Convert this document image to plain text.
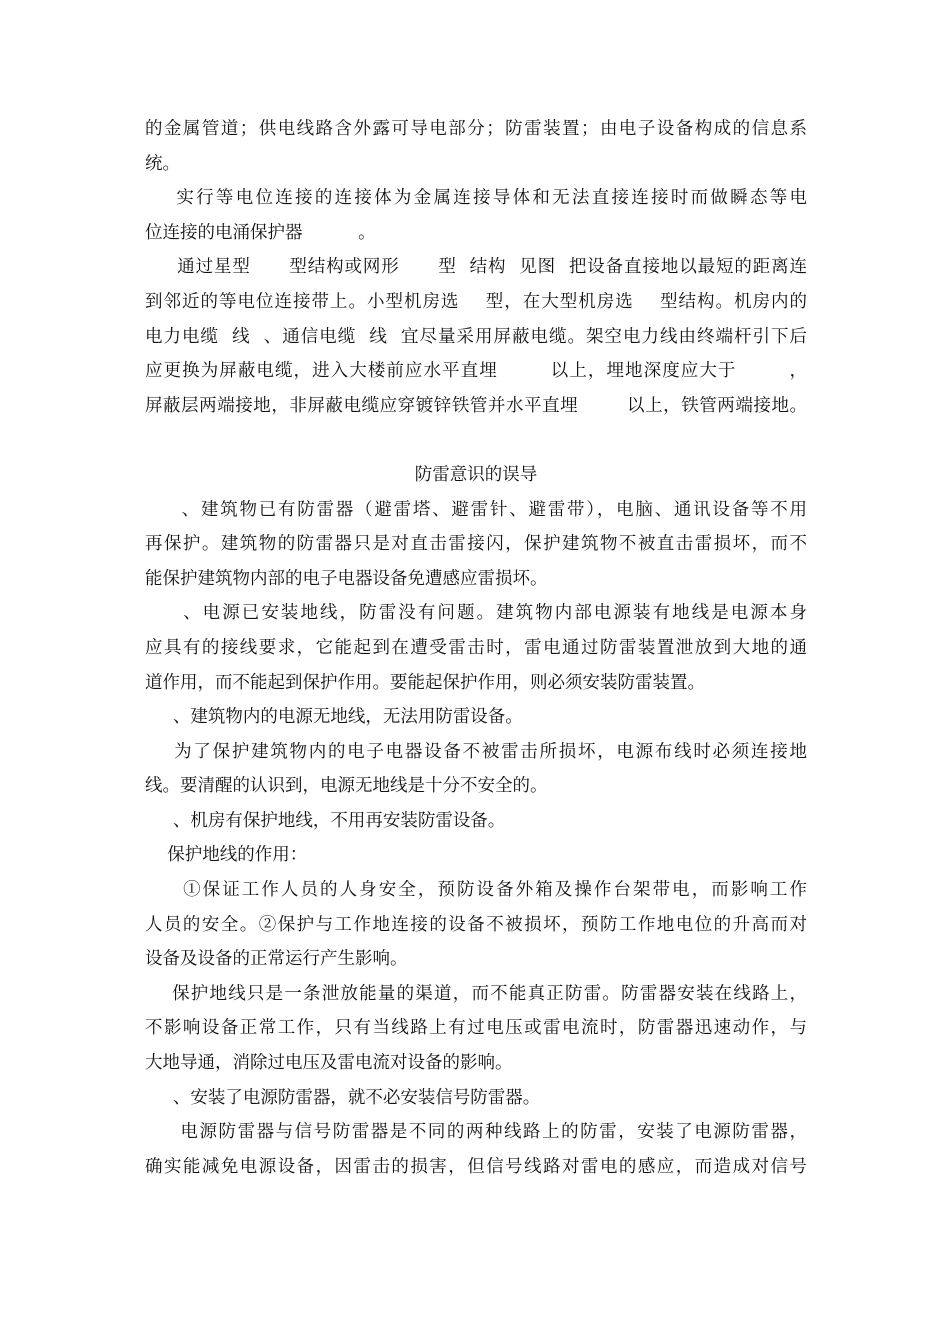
的金属管道；供电线路含外露可导电部分；防雷装置；由电子设备构成的信息系
统。
实行等电位连接的连接体为金属连接导体和无法直接连接时而做瞬态等电
位连接的电涌保护器          。
通过星型      型结构或网形      型  结构  见图  把设备直接地以最短的距离连
到邻近的等电位连接带上。小型机房选    型，在大型机房选    型结构。机房内的
电力电缆  线  、通信电缆  线  宜尽量采用屏蔽电缆。架空电力线由终端杆引下后
应更换为屏蔽电缆，进入大楼前应水平直埋        以上，埋地深度应大于        ，
屏蔽层两端接地，非屏蔽电缆应穿镀锌铁管并水平直埋        以上，铁管两端接地。
防雷意识的误导
、建筑物已有防雷器（避雷塔、避雷针、避雷带），电脑、通讯设备等不用
再保护。建筑物的防雷器只是对直击雷接闪，保护建筑物不被直击雷损坏，而不
能保护建筑物内部的电子电器设备免遭感应雷损坏。
、电源已安装地线，防雷没有问题。建筑物内部电源装有地线是电源本身
应具有的接线要求，它能起到在遭受雷击时，雷电通过防雷装置泄放到大地的通
道作用，而不能起到保护作用。要能起保护作用，则必须安装防雷装置。
、建筑物内的电源无地线，无法用防雷设备。
为了保护建筑物内的电子电器设备不被雷击所损坏，电源布线时必须连接地
线。要清醒的认识到，电源无地线是十分不安全的。
、机房有保护地线，不用再安装防雷设备。
保护地线的作用：
①保证工作人员的人身安全，预防设备外箱及操作台架带电，而影响工作
人员的安全。②保护与工作地连接的设备不被损坏，预防工作地电位的升高而对
设备及设备的正常运行产生影响。
保护地线只是一条泄放能量的渠道，而不能真正防雷。防雷器安装在线路上，
不影响设备正常工作，只有当线路上有过电压或雷电流时，防雷器迅速动作，与
大地导通，消除过电压及雷电流对设备的影响。
、安装了电源防雷器，就不必安装信号防雷器。
电源防雷器与信号防雷器是不同的两种线路上的防雷，安装了电源防雷器，
确实能减免电源设备，因雷击的损害，但信号线路对雷电的感应，而造成对信号
